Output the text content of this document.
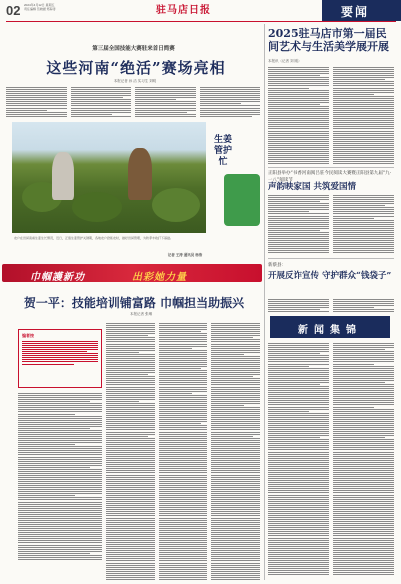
02 2024年4月12日 星期五
责任编辑 范晓媛 郑海涛	驻马店日报	要闻
第三届全国技能大赛驻来首日简赛
这些河南“绝活”赛场亮相
本报记者 孙 洁 实习生 刘明
农户在田间查看生姜生长情况，近日，正值生姜管护关键期，各地农户抢抓农时，做好田间管理，为秋季丰收打下基础。
生姜管护忙
记者 王涛 通讯员 杨浩
巾帼護新功	出彩她力量
贺一平：技能培训铺富路 巾帼担当助振兴
本报记者 张琳
编者按
2025驻马店市第一届民间艺术与生活美学展开展
本报讯（记者 刘 刚）
正阳县举办“书香河南阅吕驻今民阅读大赛暨正阳县第九届“九·一八”阅读节
声韵映家国 共筑爱国情
新蔡县：
开展反诈宣传 守护群众“钱袋子”
新闻集锦
